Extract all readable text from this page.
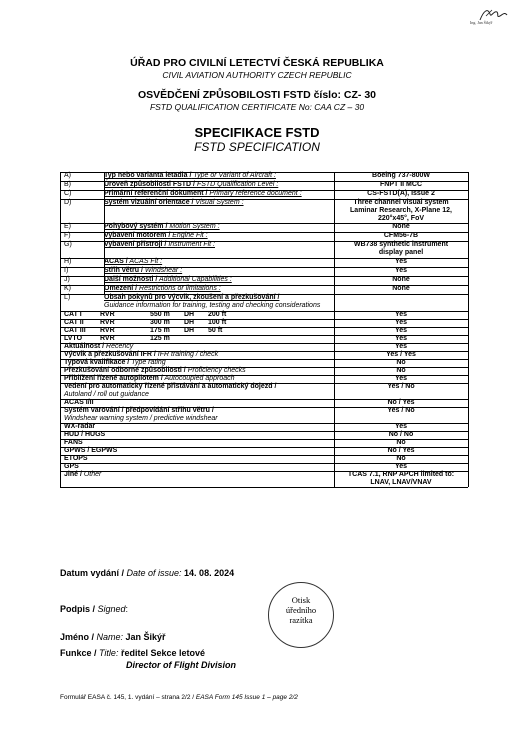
Ing. Jan Šikýř
ÚŘAD PRO CIVILNÍ LETECTVÍ ČESKÁ REPUBLIKA
CIVIL AVIATION AUTHORITY CZECH REPUBLIC
OSVĚDČENÍ ZPŮSOBILOSTI FSTD číslo: CZ- 30
FSTD QUALIFICATION CERTIFICATE No: CAA CZ – 30
SPECIFIKACE FSTD
FSTD SPECIFICATION
A)	Typ nebo varianta letadla / Type or Variant of Aircraft :	Boeing 737-800W

B)	Úroveň způsobilosti FSTD / FSTD Qualification Level :	FNPT II MCC

C)	Primární referenční dokument / Primary reference document :	CS-FSTD(A), Issue 2

D)	Systém vizuální orientace / Visual System :	Three channel visual system
Laminar Research, X-Plane 12,
220°x45°, FoV
E)	Pohybový systém / Motion System :	None

F)	Vybavení motorem / Engine Fit :	CFM56-7B

G)	Vybavení přístroji / Instrument Fit :	WB738 synthetic instrument
display panel

H)	ACAS / ACAS Fit :	Yes

I)	Střih větru / Windshear :	Yes

J)	Další možnosti / Additional Capabilities :	None

K)	Omezení / Restrictions or limitations :	None

L)	Obsah pokynů pro výcvik, zkoušení a přezkušování /
Guidance information for training, testing and checking considerations
CAT I	RVR	550 m DH 200 ft	Yes
CAT II RVR	300 m DH 100 ft	Yes
CAT III RVR	175 m DH 50 ft	Yes
LVTO	RVR	125 m	Yes
Aktuálnost / Recency	Yes

Výcvik a přezkušování IFR / IFR training / check	Yes / Yes

Typová kvalifikace / Type rating	No

Přezkušování odborné způsobilosti / Proficiency checks	No

Přiblížení řízené autopilotem / Autocoupled approach	Yes

Vedení pro automaticky řízené přistávání a automatický dojezd /
Autoland / roll out guidance
Yes / No

ACAS I/II	No / Yes

Systém varování / předpovídání střihu větru /
Windshear warning system / predictive windshear
Yes / No

WX-radar	Yes

HUD / HUGS	No / No

FANS	No

GPWS / EGPWS	No / Yes

ETOPS	No

GPS	Yes

Jiné / Other	TCAS 7.1, RNP APCH limited to:
LNAV, LNAV/VNAV
Datum vydání / Date of issue: 14. 08. 2024
Podpis / Signed:
Otisk
úředního
razítka
Jméno / Name: Jan Šikýř
Funkce / Title: ředitel Sekce letové
Director of Flight Division
Formulář EASA č. 145, 1. vydání – strana 2/2 / EASA Form 145 Issue 1 – page 2/2
